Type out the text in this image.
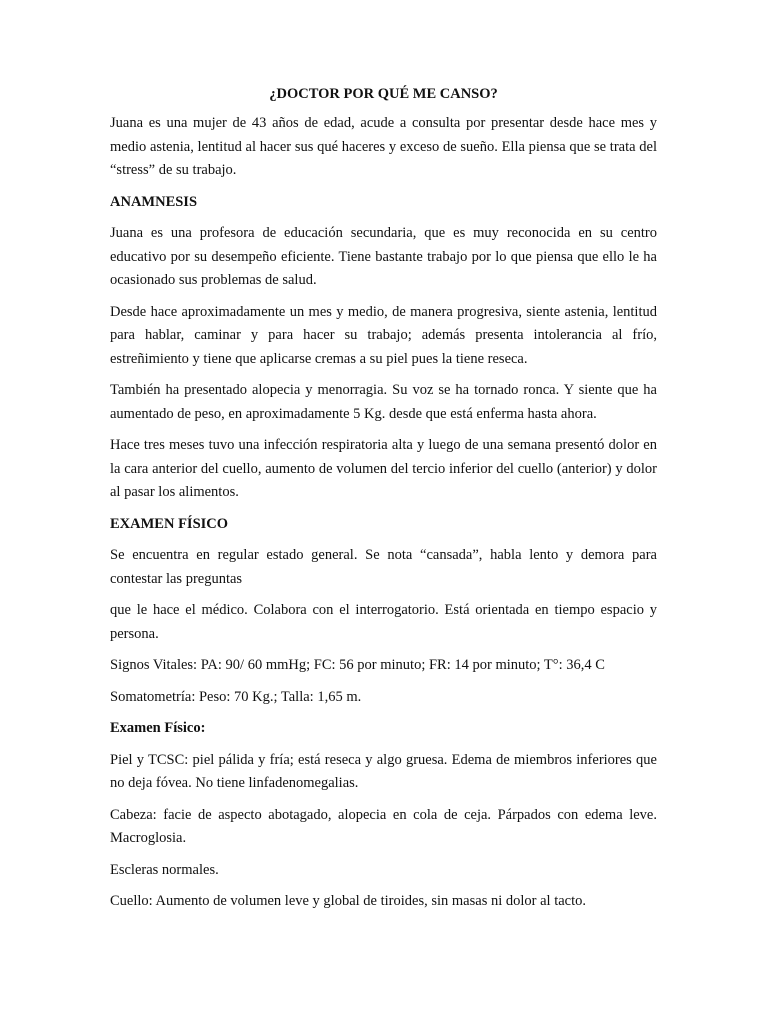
¿DOCTOR POR QUÉ ME CANSO?
Juana es una mujer de 43 años de edad, acude a consulta por presentar desde hace mes y medio astenia, lentitud al hacer sus qué haceres y exceso de sueño. Ella piensa que se trata del “stress” de su trabajo.
ANAMNESIS
Juana es una profesora de educación secundaria, que es muy reconocida en su centro educativo por su desempeño eficiente. Tiene bastante trabajo por lo que piensa que ello le ha ocasionado sus problemas de salud.
Desde hace aproximadamente un mes y medio, de manera progresiva, siente astenia, lentitud para hablar, caminar y para hacer su trabajo; además presenta intolerancia al frío, estreñimiento y tiene que aplicarse cremas a su piel pues la tiene reseca.
También ha presentado alopecia y menorragia. Su voz se ha tornado ronca. Y siente que ha aumentado de peso, en aproximadamente 5 Kg. desde que está enferma hasta ahora.
Hace tres meses tuvo una infección respiratoria alta y luego de una semana presentó dolor en la cara anterior del cuello, aumento de volumen del tercio inferior del cuello (anterior) y dolor al pasar los alimentos.
EXAMEN FÍSICO
Se encuentra en regular estado general. Se nota “cansada”, habla lento y demora para contestar las preguntas
que le hace el médico. Colabora con el interrogatorio. Está orientada en tiempo espacio y persona.
Signos Vitales: PA: 90/ 60 mmHg; FC: 56 por minuto; FR: 14 por minuto; T°: 36,4 C
Somatometría: Peso: 70 Kg.; Talla: 1,65 m.
Examen Físico:
Piel y TCSC: piel pálida y fría; está reseca y algo gruesa. Edema de miembros inferiores que no deja fóvea. No tiene linfadenomegalias.
Cabeza: facie de aspecto abotagado, alopecia en cola de ceja. Párpados con edema leve. Macroglosia.
Escleras normales.
Cuello: Aumento de volumen leve y global de tiroides, sin masas ni dolor al tacto.
